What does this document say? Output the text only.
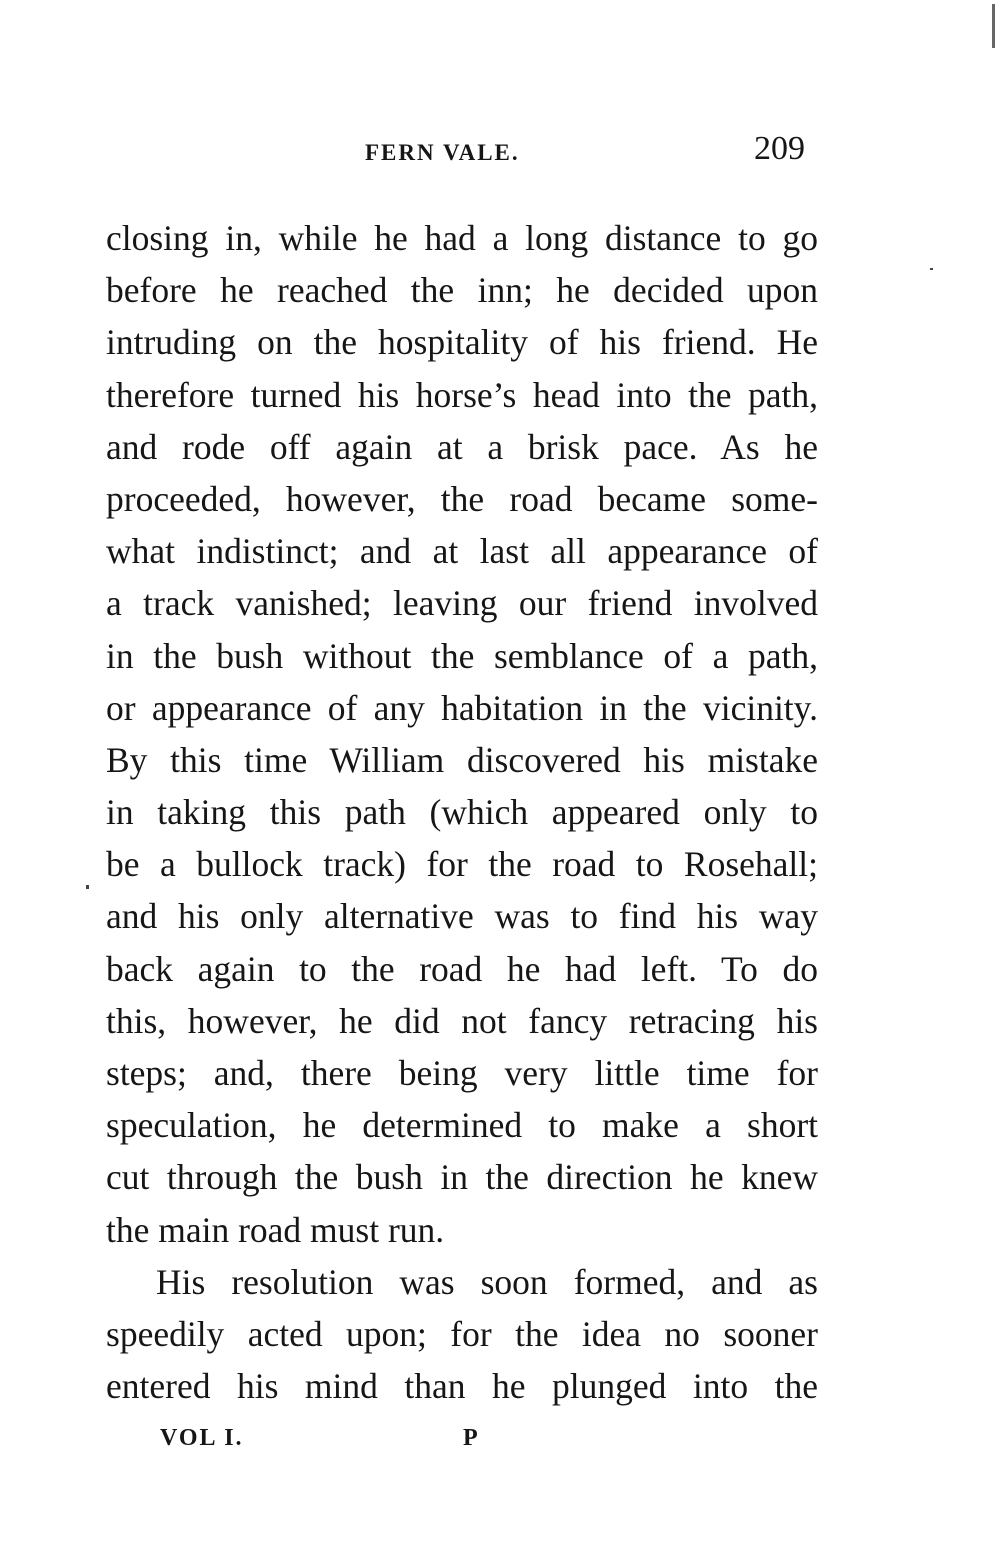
FERN VALE.	209
closing in, while he had a long distance to go
before he reached the inn; he decided upon
intruding on the hospitality of his friend. He
therefore turned his horse’s head into the path,
and rode off again at a brisk pace. As he
proceeded, however, the road became some-
what indistinct; and at last all appearance of
a track vanished; leaving our friend involved
in the bush without the semblance of a path,
or appearance of any habitation in the vicinity.
By this time William discovered his mistake
in taking this path (which appeared only to
be a bullock track) for the road to Rosehall;
and his only alternative was to find his way
back again to the road he had left. To do
this, however, he did not fancy retracing his
steps; and, there being very little time for
speculation, he determined to make a short
cut through the bush in the direction he knew
the main road must run.
His resolution was soon formed, and as
speedily acted upon; for the idea no sooner
entered his mind than he plunged into the
VOL I.	P
